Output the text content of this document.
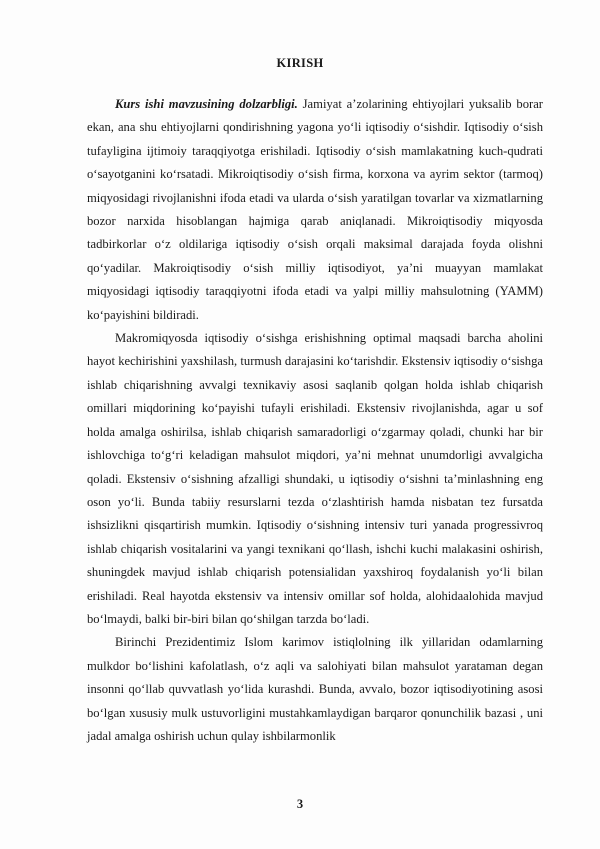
KIRISH

Kurs ishi mavzusining dolzarbligi. Jamiyat a’zolarining ehtiyojlari yuksalib borar ekan, ana shu ehtiyojlarni qondirishning yagona yo‘li iqtisodiy o‘sishdir. Iqtisodiy o‘sish tufayligina ijtimoiy taraqqiyotga erishiladi. Iqtisodiy o‘sish mamlakatning kuch-qudrati o‘sayotganini ko‘rsatadi. Mikroiqtisodiy o‘sish firma, korxona va ayrim sektor (tarmoq) miqyosidagi rivojlanishni ifoda etadi va ularda o‘sish yaratilgan tovarlar va xizmatlarning bozor narxida hisoblangan hajmiga qarab aniqlanadi. Mikroiqtisodiy miqyosda tadbirkorlar o‘z oldilariga iqtisodiy o‘sish orqali maksimal darajada foyda olishni qo‘yadilar. Makroiqtisodiy o‘sish milliy iqtisodiyot, ya’ni muayyan mamlakat miqyosidagi iqtisodiy taraqqiyotni ifoda etadi va yalpi milliy mahsulotning (YAMM) ko‘payishini bildiradi.

Makromiqyosda iqtisodiy o‘sishga erishishning optimal maqsadi barcha aholini hayot kechirishini yaxshilash, turmush darajasini ko‘tarishdir. Ekstensiv iqtisodiy o‘sishga ishlab chiqarishning avvalgi texnikaviy asosi saqlanib qolgan holda ishlab chiqarish omillari miqdorining ko‘payishi tufayli erishiladi. Ekstensiv rivojlanishda, agar u sof holda amalga oshirilsa, ishlab chiqarish samaradorligi o‘zgarmay qoladi, chunki har bir ishlovchiga to‘g‘ri keladigan mahsulot miqdori, ya’ni mehnat unumdorligi avvalgicha qoladi. Ekstensiv o‘sishning afzalligi shundaki, u iqtisodiy o‘sishni ta’minlashning eng oson yo‘li. Bunda tabiiy resurslarni tezda o‘zlashtirish hamda nisbatan tez fursatda ishsizlikni qisqartirish mumkin. Iqtisodiy o‘sishning intensiv turi yanada progressivroq ishlab chiqarish vositalarini va yangi texnikani qo‘llash, ishchi kuchi malakasini oshirish, shuningdek mavjud ishlab chiqarish potensialidan yaxshiroq foydalanish yo‘li bilan erishiladi. Real hayotda ekstensiv va intensiv omillar sof holda, alohidaalohida mavjud bo‘lmaydi, balki bir-biri bilan qo‘shilgan tarzda bo‘ladi.

Birinchi Prezidentimiz Islom karimov istiqlolning ilk yillaridan odamlarning mulkdor bo‘lishini kafolatlash, o‘z aqli va salohiyati bilan mahsulot yarataman degan insonni qo‘llab quvvatlash yo‘lida kurashdi. Bunda, avvalo, bozor iqtisodiyotining asosi bo‘lgan xususiy mulk ustuvorligini mustahkamlaydigan barqaror qonunchilik bazasi , uni jadal amalga oshirish uchun qulay ishbilarmonlik

3
